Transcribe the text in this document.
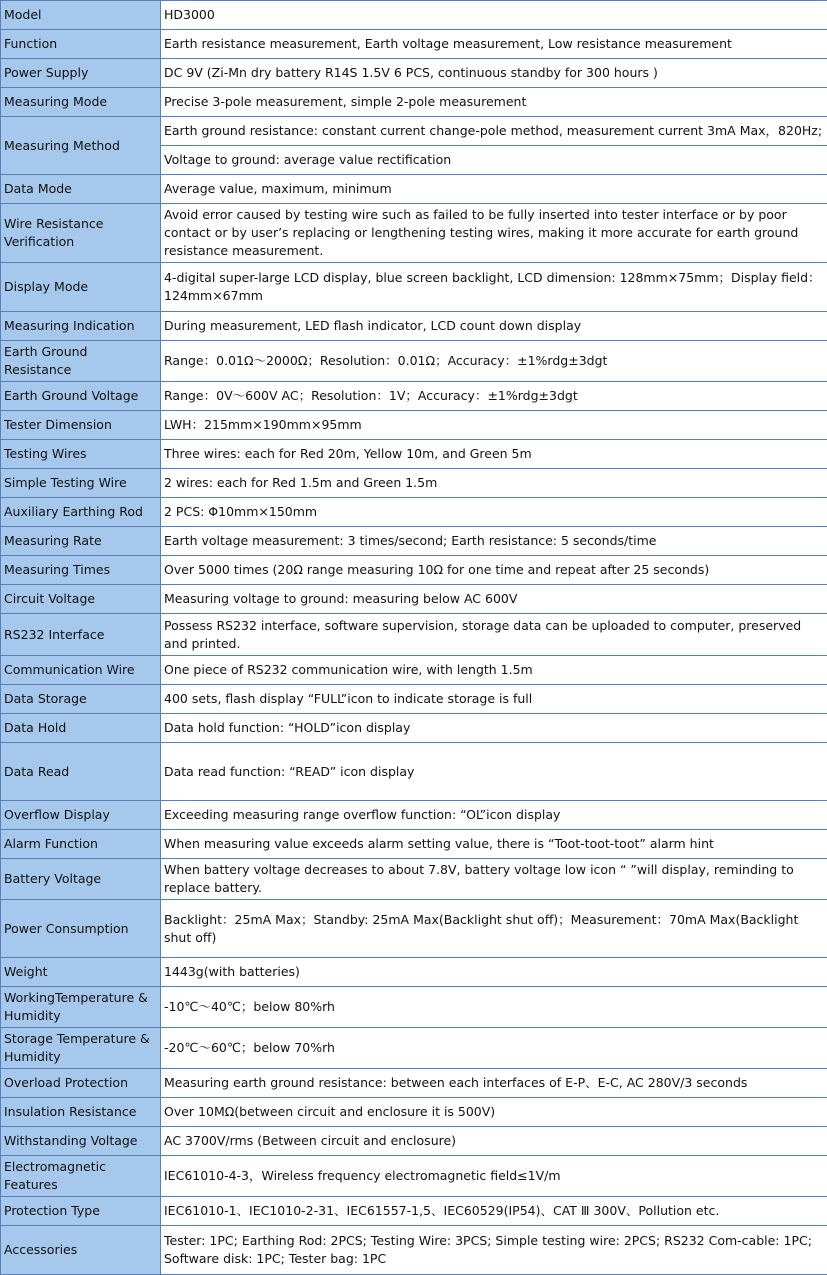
Model	HD3000
Function	Earth resistance measurement, Earth voltage measurement, Low resistance measurement
Power Supply	DC 9V (Zi-Mn dry battery R14S 1.5V 6 PCS, continuous standby for 300 hours )
Measuring Mode	Precise 3-pole measurement, simple 2-pole measurement
Measuring Method	Earth ground resistance: constant current change-pole method, measurement current 3mA Max，820Hz;
	Voltage to ground: average value rectification
Data Mode	Average value, maximum, minimum
Wire Resistance Verification	Avoid error caused by testing wire such as failed to be fully inserted into tester interface or by poor contact or by user’s replacing or lengthening testing wires, making it more accurate for earth ground resistance measurement.
Display Mode	4-digital super-large LCD display, blue screen backlight, LCD dimension: 128mm×75mm；Display field：124mm×67mm
Measuring Indication	During measurement, LED flash indicator, LCD count down display
Earth Ground Resistance	Range：0.01Ω～2000Ω；Resolution：0.01Ω；Accuracy：±1%rdg±3dgt
Earth Ground Voltage	Range：0V～600V AC；Resolution：1V；Accuracy：±1%rdg±3dgt
Tester Dimension	LWH：215mm×190mm×95mm
Testing Wires	Three wires: each for Red 20m, Yellow 10m, and Green 5m
Simple Testing Wire	2 wires: each for Red 1.5m and Green 1.5m
Auxiliary Earthing Rod	2 PCS: Φ10mm×150mm
Measuring Rate	Earth voltage measurement: 3 times/second; Earth resistance: 5 seconds/time
Measuring Times	Over 5000 times (20Ω range measuring 10Ω for one time and repeat after 25 seconds)
Circuit Voltage	Measuring voltage to ground: measuring below AC 600V
RS232 Interface	Possess RS232 interface, software supervision, storage data can be uploaded to computer, preserved and printed.
Communication Wire	One piece of RS232 communication wire, with length 1.5m
Data Storage	400 sets, flash display “FULL”icon to indicate storage is full
Data Hold	Data hold function: “HOLD”icon display
Data Read	Data read function: “READ” icon display
Overflow Display	Exceeding measuring range overflow function: “OL”icon display
Alarm Function	When measuring value exceeds alarm setting value, there is “Toot-toot-toot” alarm hint
Battery Voltage	When battery voltage decreases to about 7.8V, battery voltage low icon “ ”will display, reminding to replace battery.
Power Consumption	Backlight：25mA Max；Standby: 25mA Max(Backlight shut off)；Measurement：70mA Max(Backlight shut off)
Weight	1443g(with batteries)
WorkingTemperature & Humidity	-10℃～40℃；below 80%rh
Storage Temperature & Humidity	-20℃～60℃；below 70%rh
Overload Protection	Measuring earth ground resistance: between each interfaces of E-P、E-C, AC 280V/3 seconds
Insulation Resistance	Over 10MΩ(between circuit and enclosure it is 500V)
Withstanding Voltage	AC 3700V/rms (Between circuit and enclosure)
Electromagnetic Features	IEC61010-4-3，Wireless frequency electromagnetic field≤1V/m
Protection Type	IEC61010-1、IEC1010-2-31、IEC61557-1,5、IEC60529(IP54)、CAT Ⅲ 300V、Pollution etc.
Accessories	Tester: 1PC; Earthing Rod: 2PCS; Testing Wire: 3PCS; Simple testing wire: 2PCS; RS232 Com-cable: 1PC; Software disk: 1PC; Tester bag: 1PC
